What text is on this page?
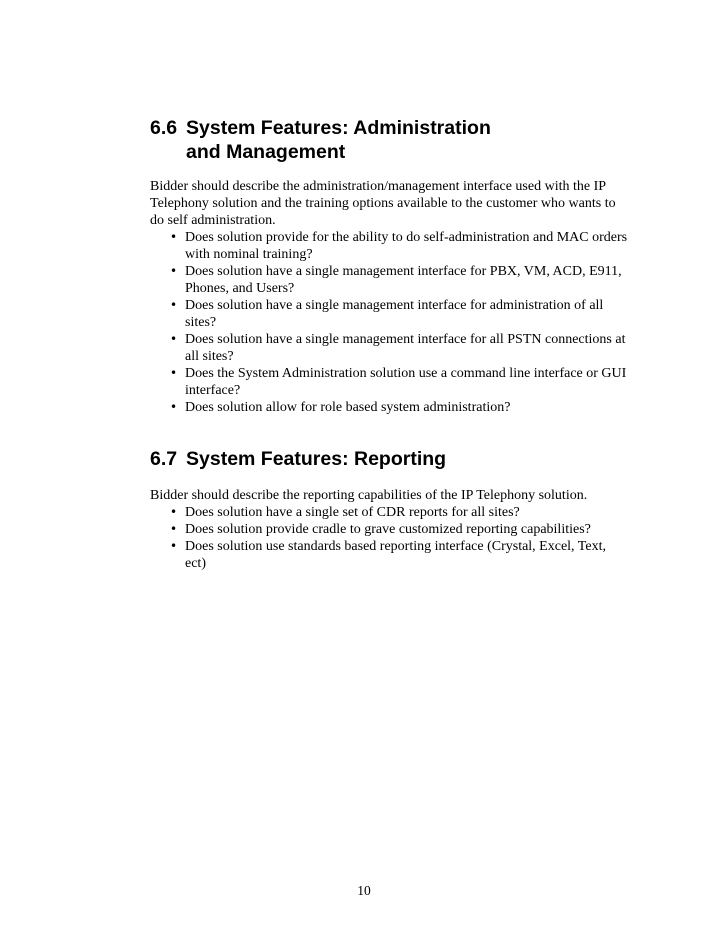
6.6 System Features: Administration and Management

Bidder should describe the administration/management interface used with the IP Telephony solution and the training options available to the customer who wants to do self administration.

• Does solution provide for the ability to do self-administration and MAC orders with nominal training?
• Does solution have a single management interface for PBX, VM, ACD, E911, Phones, and Users?
• Does solution have a single management interface for administration of all sites?
• Does solution have a single management interface for all PSTN connections at all sites?
• Does the System Administration solution use a command line interface or GUI interface?
• Does solution allow for role based system administration?
6.7 System Features: Reporting

Bidder should describe the reporting capabilities of the IP Telephony solution.

• Does solution have a single set of CDR reports for all sites?
• Does solution provide cradle to grave customized reporting capabilities?
• Does solution use standards based reporting interface (Crystal, Excel, Text, ect)
10
